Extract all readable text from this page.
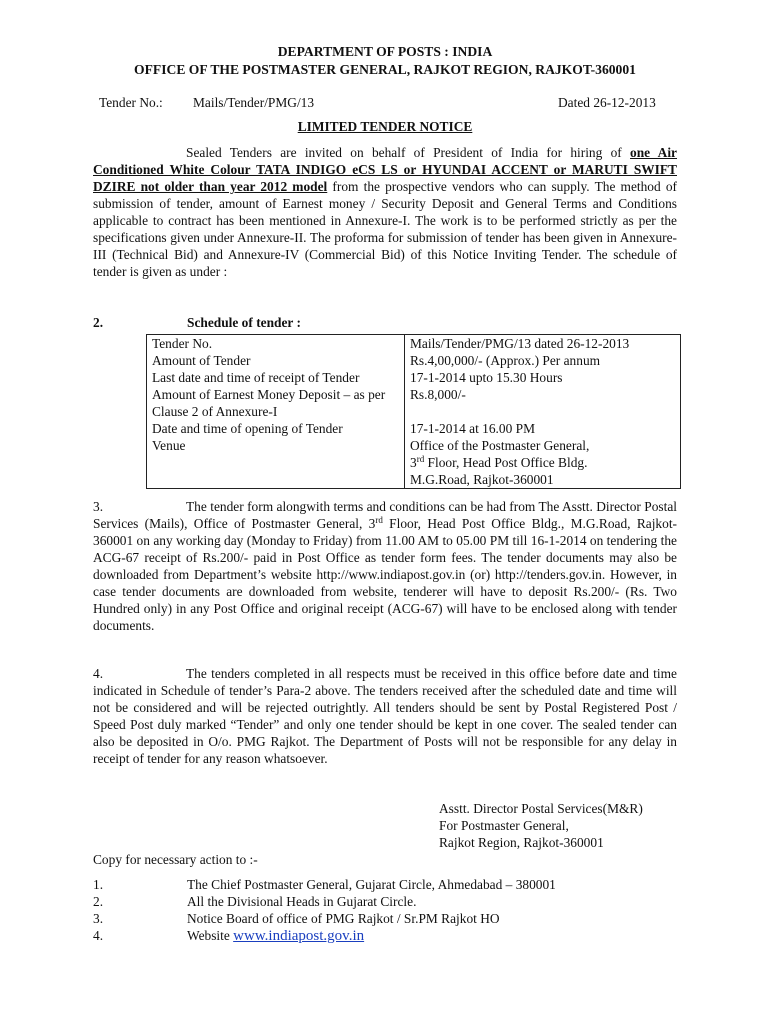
DEPARTMENT OF POSTS : INDIA
OFFICE OF THE POSTMASTER GENERAL, RAJKOT REGION, RAJKOT-360001
Tender No.: Mails/Tender/PMG/13	Dated 26-12-2013
LIMITED TENDER NOTICE
Sealed Tenders are invited on behalf of President of India for hiring of one Air Conditioned White Colour TATA INDIGO eCS LS or HYUNDAI ACCENT or MARUTI SWIFT DZIRE not older than year 2012 model from the prospective vendors who can supply. The method of submission of tender, amount of Earnest money / Security Deposit and General Terms and Conditions applicable to contract has been mentioned in Annexure-I. The work is to be performed strictly as per the specifications given under Annexure-II. The proforma for submission of tender has been given in Annexure-III (Technical Bid) and Annexure-IV (Commercial Bid) of this Notice Inviting Tender. The schedule of tender is given as under :
2.	Schedule of tender :
Tender No.	Mails/Tender/PMG/13 dated 26-12-2013
Amount of Tender	Rs.4,00,000/- (Approx.) Per annum
Last date and time of receipt of Tender	17-1-2014 upto 15.30 Hours
Amount of Earnest Money Deposit – as per Clause 2 of Annexure-I	Rs.8,000/-
Date and time of opening of Tender	17-1-2014 at 16.00 PM
Venue	Office of the Postmaster General,
3rd Floor, Head Post Office Bldg.
M.G.Road, Rajkot-360001
3.	The tender form alongwith terms and conditions can be had from The Asstt. Director Postal Services (Mails), Office of Postmaster General, 3rd Floor, Head Post Office Bldg., M.G.Road, Rajkot-360001 on any working day (Monday to Friday) from 11.00 AM to 05.00 PM till 16-1-2014 on tendering the ACG-67 receipt of Rs.200/- paid in Post Office as tender form fees. The tender documents may also be downloaded from Department’s website http://www.indiapost.gov.in (or) http://tenders.gov.in. However, in case tender documents are downloaded from website, tenderer will have to deposit Rs.200/- (Rs. Two Hundred only) in any Post Office and original receipt (ACG-67) will have to be enclosed along with tender documents.
4.	The tenders completed in all respects must be received in this office before date and time indicated in Schedule of tender’s Para-2 above. The tenders received after the scheduled date and time will not be considered and will be rejected outrightly. All tenders should be sent by Postal Registered Post / Speed Post duly marked “Tender” and only one tender should be kept in one cover. The sealed tender can also be deposited in O/o. PMG Rajkot. The Department of Posts will not be responsible for any delay in receipt of tender for any reason whatsoever.
Asstt. Director Postal Services(M&R)
For Postmaster General,
Rajkot Region, Rajkot-360001
Copy for necessary action to :-
1.	The Chief Postmaster General, Gujarat Circle, Ahmedabad – 380001
2.	All the Divisional Heads in Gujarat Circle.
3.	Notice Board of office of PMG Rajkot / Sr.PM Rajkot HO
4.	Website www.indiapost.gov.in
